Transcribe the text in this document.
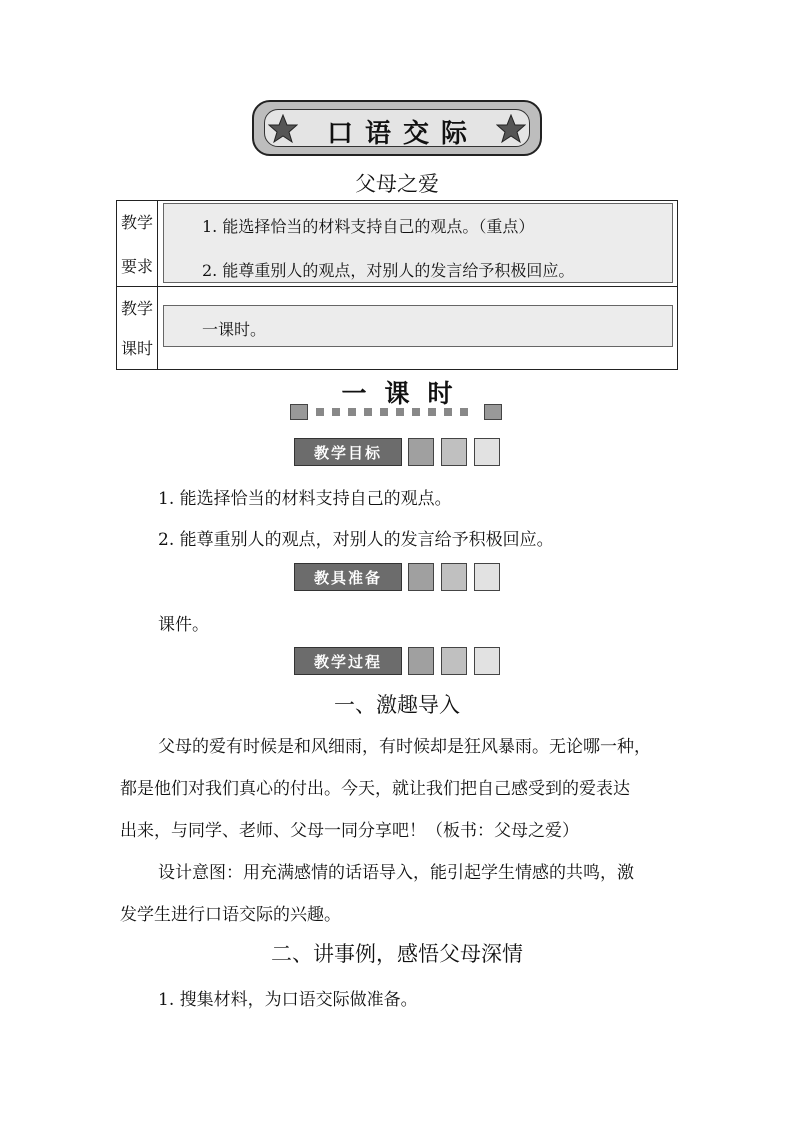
口语交际
父母之爱
教学
要求
1. 能选择恰当的材料支持自己的观点。（重点）
2. 能尊重别人的观点，对别人的发言给予积极回应。
教学
课时
一课时。
一课时
教学目标
1. 能选择恰当的材料支持自己的观点。
2. 能尊重别人的观点，对别人的发言给予积极回应。
教具准备
课件。
教学过程
一、激趣导入
父母的爱有时候是和风细雨，有时候却是狂风暴雨。无论哪一种，
都是他们对我们真心的付出。今天，就让我们把自己感受到的爱表达
出来，与同学、老师、父母一同分享吧！（板书：父母之爱）
设计意图：用充满感情的话语导入，能引起学生情感的共鸣，激
发学生进行口语交际的兴趣。
二、讲事例，感悟父母深情
1. 搜集材料，为口语交际做准备。
